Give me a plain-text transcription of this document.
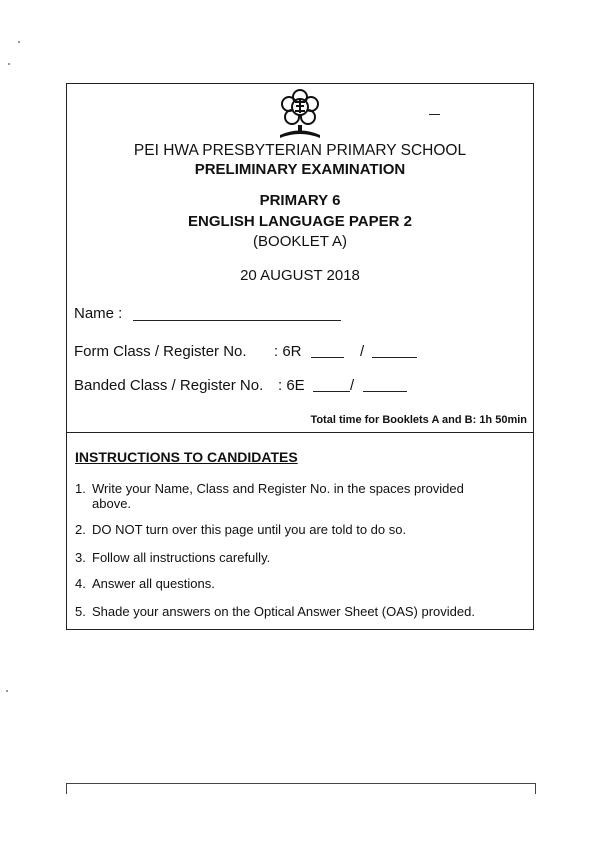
PEI HWA PRESBYTERIAN PRIMARY SCHOOL
PRELIMINARY EXAMINATION
PRIMARY 6
ENGLISH LANGUAGE PAPER 2
(BOOKLET A)
20 AUGUST 2018
Name :
Form Class / Register No. : 6R	/
Banded Class / Register No. : 6E	/
Total time for Booklets A and B: 1h 50min
INSTRUCTIONS TO CANDIDATES
1. Write your Name, Class and Register No. in the spaces provided above.
2. DO NOT turn over this page until you are told to do so.
3. Follow all instructions carefully.
4. Answer all questions.
5. Shade your answers on the Optical Answer Sheet (OAS) provided.
